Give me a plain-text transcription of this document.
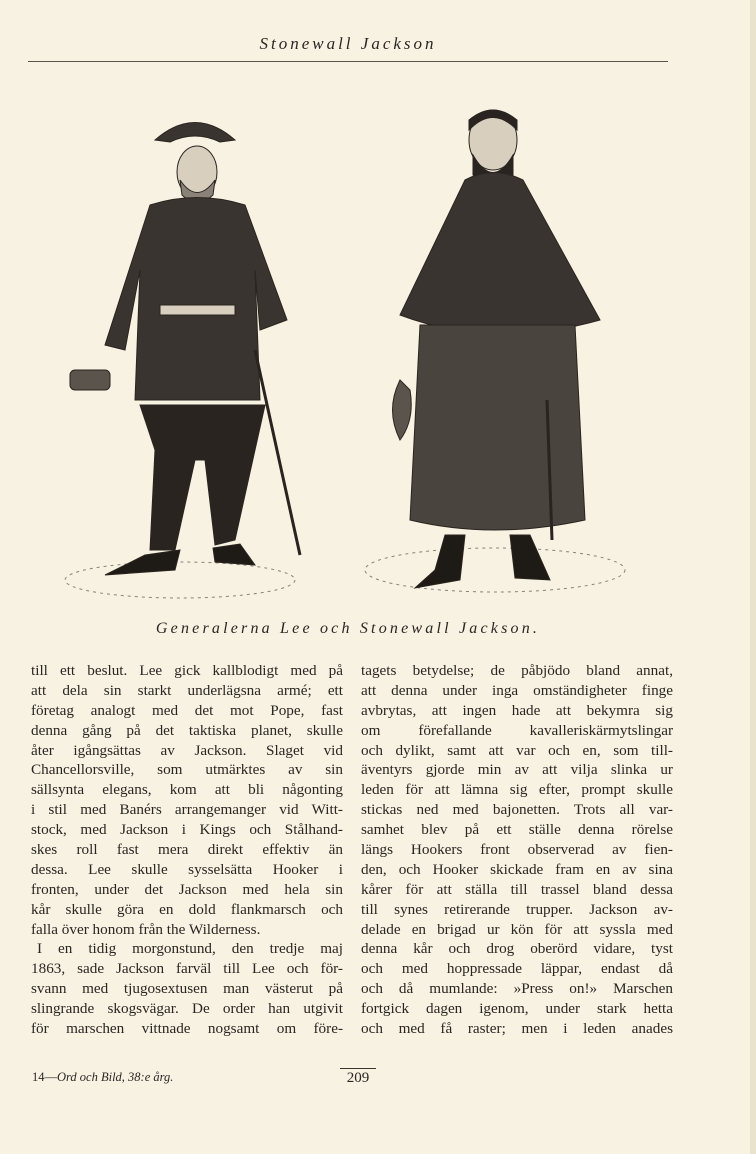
Stonewall Jackson
Generalerna Lee och Stonewall Jackson.
till ett beslut. Lee gick kallblodigt med på
att dela sin starkt underlägsna armé; ett
företag analogt med det mot Pope, fast
denna gång på det taktiska planet, skulle
åter igångsättas av Jackson. Slaget vid
Chancellorsville, som utmärktes av sin
sällsynta elegans, kom att bli någonting
i stil med Banérs arrangemanger vid Witt-
stock, med Jackson i Kings och Stålhand-
skes roll fast mera direkt effektiv än
dessa. Lee skulle sysselsätta Hooker i
fronten, under det Jackson med hela sin
kår skulle göra en dold flankmarsch och
falla över honom från the Wilderness.
I en tidig morgonstund, den tredje maj
1863, sade Jackson farväl till Lee och för-
svann med tjugosextusen man västerut på
slingrande skogsvägar. De order han utgivit
för marschen vittnade nogsamt om före-
tagets betydelse; de påbjödo bland annat,
att denna under inga omständigheter finge
avbrytas, att ingen hade att bekymra sig
om förefallande kavalleriskärmytslingar
och dylikt, samt att var och en, som till-
äventyrs gjorde min av att vilja slinka ur
leden för att lämna sig efter, prompt skulle
stickas ned med bajonetten. Trots all var-
samhet blev på ett ställe denna rörelse
längs Hookers front observerad av fien-
den, och Hooker skickade fram en av sina
kårer för att ställa till trassel bland dessa
till synes retirerande trupper. Jackson av-
delade en brigad ur kön för att syssla med
denna kår och drog oberörd vidare, tyst
och med hoppressade läppar, endast då
och då mumlande: »Press on!» Marschen
fortgick dagen igenom, under stark hetta
och med få raster; men i leden anades
14—Ord och Bild, 38:e årg.	209
